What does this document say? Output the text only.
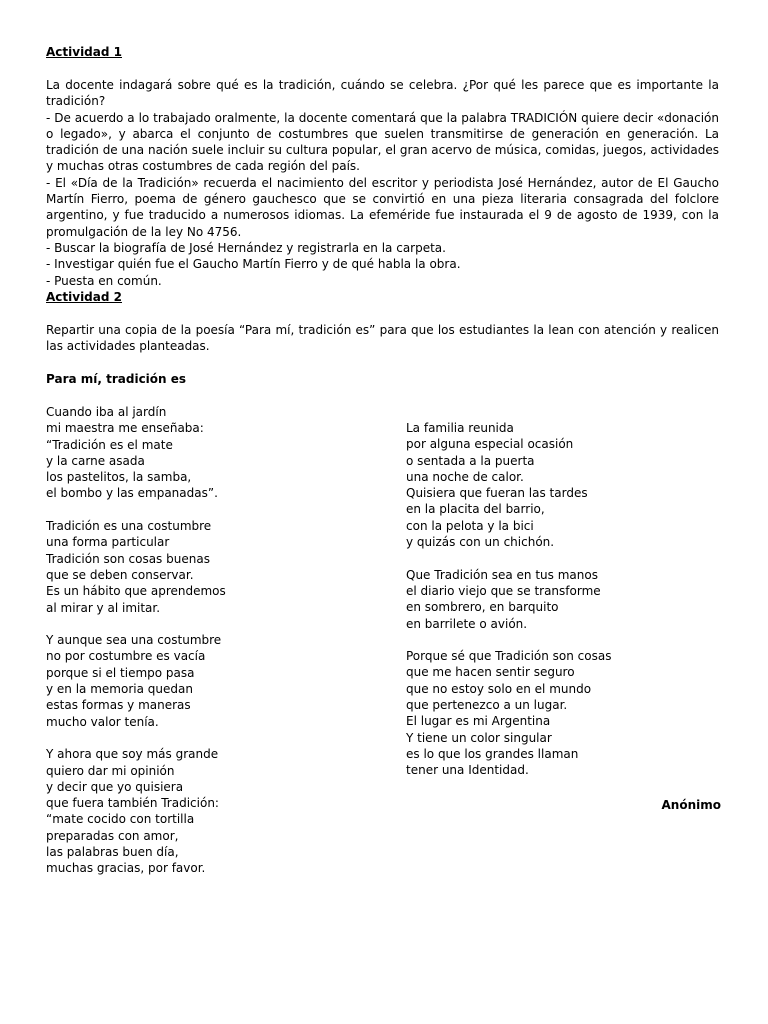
Actividad 1

La docente indagará sobre qué es la tradición, cuándo se celebra. ¿Por qué les parece que es importante la tradición?

- De acuerdo a lo trabajado oralmente, la docente comentará que la palabra TRADICIÓN quiere decir «donación o legado», y abarca el conjunto de costumbres que suelen transmitirse de generación en generación. La tradición de una nación suele incluir su cultura popular, el gran acervo de música, comidas, juegos, actividades y muchas otras costumbres de cada región del país.

- El «Día de la Tradición» recuerda el nacimiento del escritor y periodista José Hernández, autor de El Gaucho Martín Fierro, poema de género gauchesco que se convirtió en una pieza literaria consagrada del folclore argentino, y fue traducido a numerosos idiomas. La efeméride fue instaurada el 9 de agosto de 1939, con la promulgación de la ley No 4756.

- Buscar la biografía de José Hernández y registrarla en la carpeta.

- Investigar quién fue el Gaucho Martín Fierro y de qué habla la obra.

- Puesta en común.

Actividad 2

Repartir una copia de la poesía “Para mí, tradición es” para que los estudiantes la lean con atención y realicen las actividades planteadas.

Para mí, tradición es

Cuando iba al jardín
mi maestra me enseñaba:
“Tradición es el mate
y la carne asada
los pastelitos, la samba,
el bombo y las empanadas”.
Tradición es una costumbre
una forma particular
Tradición son cosas buenas
que se deben conservar.
Es un hábito que aprendemos
al mirar y al imitar.
Y aunque sea una costumbre
no por costumbre es vacía
porque si el tiempo pasa
y en la memoria quedan
estas formas y maneras
mucho valor tenía.
Y ahora que soy más grande
quiero dar mi opinión
y decir que yo quisiera
que fuera también Tradición:
“mate cocido con tortilla
preparadas con amor,
las palabras buen día,
muchas gracias, por favor.
La familia reunida
por alguna especial ocasión
o sentada a la puerta
una noche de calor.
Quisiera que fueran las tardes
en la placita del barrio,
con la pelota y la bici
y quizás con un chichón.
Que Tradición sea en tus manos
el diario viejo que se transforme
en sombrero, en barquito
en barrilete o avión.
Porque sé que Tradición son cosas
que me hacen sentir seguro
que no estoy solo en el mundo
que pertenezco a un lugar.
El lugar es mi Argentina
Y tiene un color singular
es lo que los grandes llaman
tener una Identidad.

Anónimo
